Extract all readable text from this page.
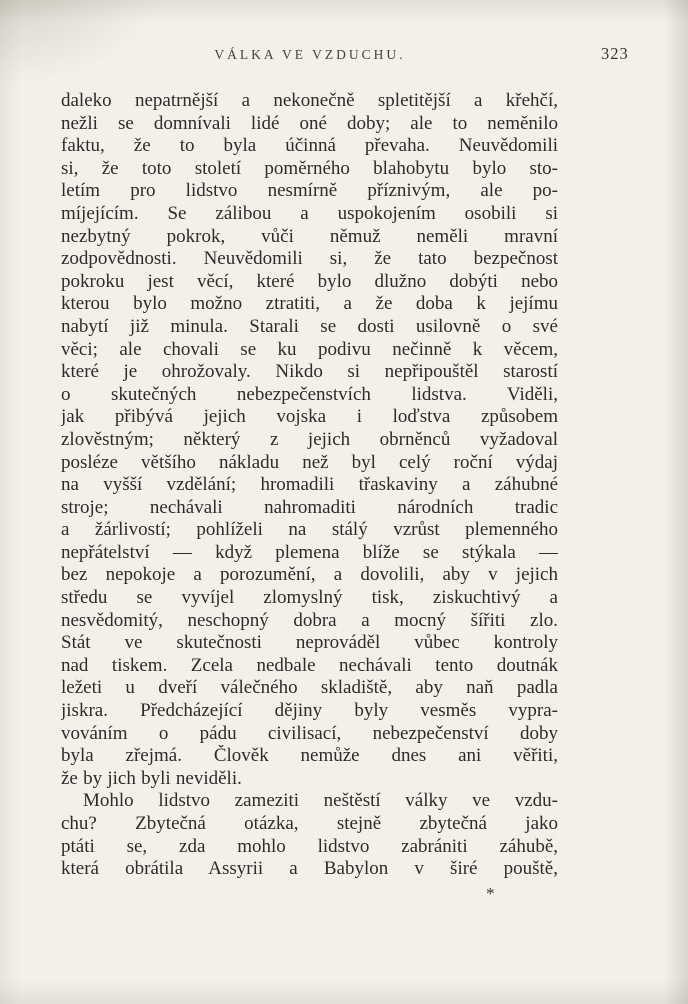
VÁLKA VE VZDUCHU.	323
daleko nepatrnější a nekonečně spletitější a křehčí,
nežli se domnívali lidé oné doby; ale to neměnilo
faktu, že to byla účinná převaha. Neuvědomili
si, že toto století poměrného blahobytu bylo sto-
letím pro lidstvo nesmírně příznivým, ale po-
míjejícím. Se zálibou a uspokojením osobili si
nezbytný pokrok, vůči němuž neměli mravní
zodpovědnosti. Neuvědomili si, že tato bezpečnost
pokroku jest věcí, které bylo dlužno dobýti nebo
kterou bylo možno ztratiti, a že doba k jejímu
nabytí již minula. Starali se dosti usilovně o své
věci; ale chovali se ku podivu nečinně k věcem,
které je ohrožovaly. Nikdo si nepřipouštěl starostí
o skutečných nebezpečenstvích lidstva. Viděli,
jak přibývá jejich vojska i loďstva způsobem
zlověstným; některý z jejich obrněnců vyžadoval
posléze většího nákladu než byl celý roční výdaj
na vyšší vzdělání; hromadili třaskaviny a záhubné
stroje; nechávali nahromaditi národních tradic
a žárlivostí; pohlíželi na stálý vzrůst plemenného
nepřátelství — když plemena blíže se stýkala —
bez nepokoje a porozumění, a dovolili, aby v jejich
středu se vyvíjel zlomyslný tisk, ziskuchtivý a
nesvědomitý, neschopný dobra a mocný šířiti zlo.
Stát ve skutečnosti neprováděl vůbec kontroly
nad tiskem. Zcela nedbale nechávali tento doutnák
ležeti u dveří válečného skladiště, aby naň padla
jiskra. Předcházející dějiny byly vesměs vypra-
vováním o pádu civilisací, nebezpečenství doby
byla zřejmá. Člověk nemůže dnes ani věřiti,
že by jich byli neviděli.
Mohlo lidstvo zameziti neštěstí války ve vzdu-
chu? Zbytečná otázka, stejně zbytečná jako
ptáti se, zda mohlo lidstvo zabrániti záhubě,
která obrátila Assyrii a Babylon v širé pouště,
*
